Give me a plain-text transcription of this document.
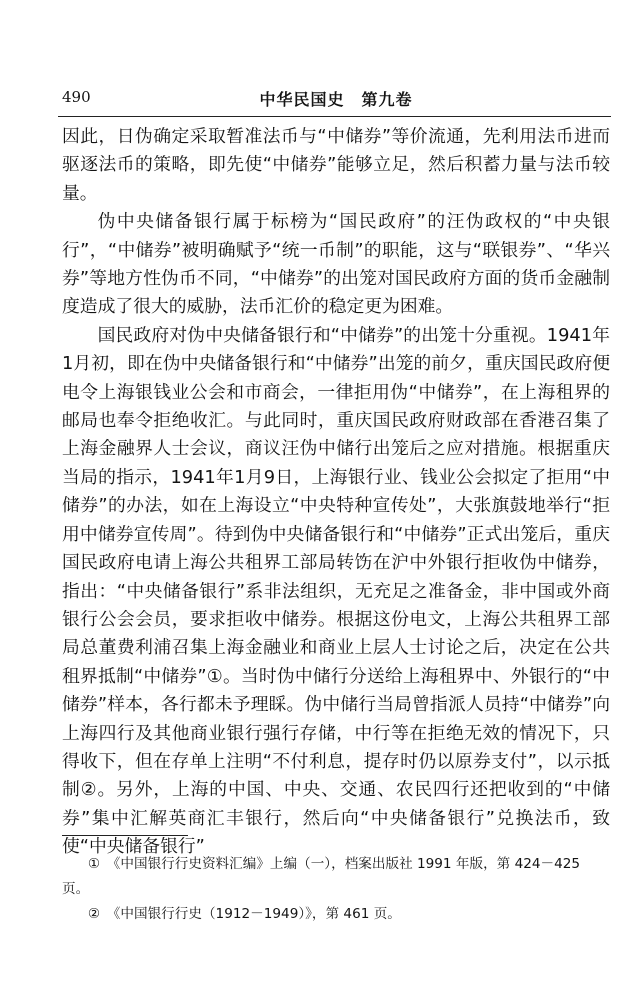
490	中华民国史　第九卷

因此，日伪确定采取暂准法币与“中储券”等价流通，先利用法币进而驱逐法币的策略，即先使“中储券”能够立足，然后积蓄力量与法币较量。

伪中央储备银行属于标榜为“国民政府”的汪伪政权的“中央银行”，“中储券”被明确赋予“统一币制”的职能，这与“联银券”、“华兴券”等地方性伪币不同，“中储券”的出笼对国民政府方面的货币金融制度造成了很大的威胁，法币汇价的稳定更为困难。

国民政府对伪中央储备银行和“中储券”的出笼十分重视。1941年1月初，即在伪中央储备银行和“中储券”出笼的前夕，重庆国民政府便电令上海银钱业公会和市商会，一律拒用伪“中储券”，在上海租界的邮局也奉令拒绝收汇。与此同时，重庆国民政府财政部在香港召集了上海金融界人士会议，商议汪伪中储行出笼后之应对措施。根据重庆当局的指示，1941年1月9日，上海银行业、钱业公会拟定了拒用“中储券”的办法，如在上海设立“中央特种宣传处”，大张旗鼓地举行“拒用中储券宣传周”。待到伪中央储备银行和“中储券”正式出笼后，重庆国民政府电请上海公共租界工部局转饬在沪中外银行拒收伪中储券，指出：“中央储备银行”系非法组织，无充足之准备金，非中国或外商银行公会会员，要求拒收中储券。根据这份电文，上海公共租界工部局总董费利浦召集上海金融业和商业上层人士讨论之后，决定在公共租界抵制“中储券”①。当时伪中储行分送给上海租界中、外银行的“中储券”样本，各行都未予理睬。伪中储行当局曾指派人员持“中储券”向上海四行及其他商业银行强行存储，中行等在拒绝无效的情况下，只得收下，但在存单上注明“不付利息，提存时仍以原券支付”，以示抵制②。另外，上海的中国、中央、交通、农民四行还把收到的“中储券”集中汇解英商汇丰银行，然后向“中央储备银行”兑换法币，致使“中央储备银行”

①　《中国银行行史资料汇编》上编（一），档案出版社 1991 年版，第 424－425 页。

②　《中国银行行史（1912－1949）》，第 461 页。
